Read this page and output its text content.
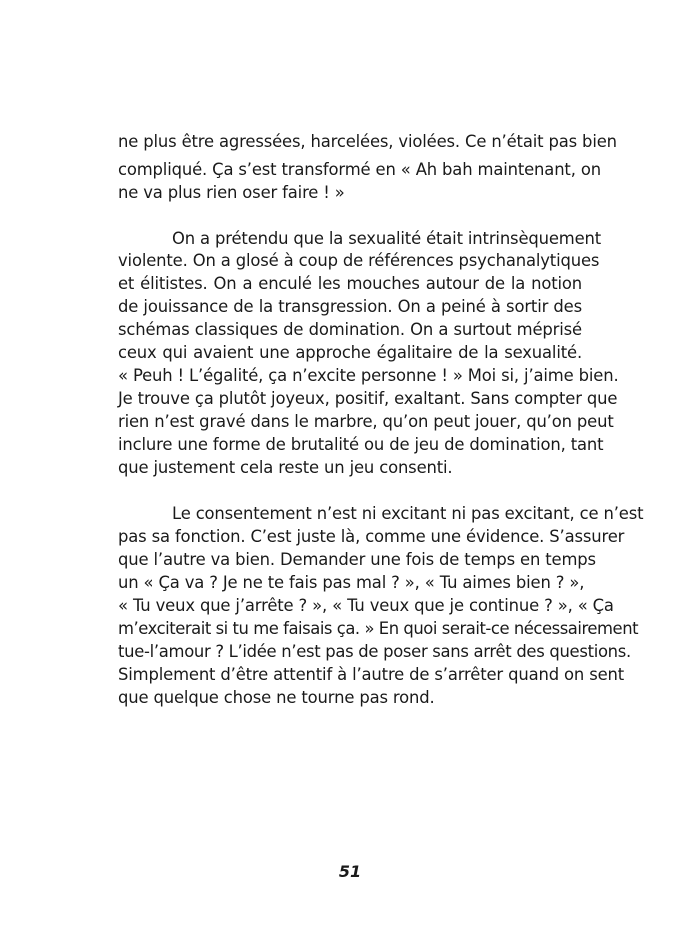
ne plus être agressées, harcelées, violées. Ce n’était pas bien
compliqué. Ça s’est transformé en « Ah bah maintenant, on
ne va plus rien oser faire ! »
On a prétendu que la sexualité était intrinsèquement
violente. On a glosé à coup de références psychanalytiques
et élitistes. On a enculé les mouches autour de la notion
de jouissance de la transgression. On a peiné à sortir des
schémas classiques de domination. On a surtout méprisé
ceux qui avaient une approche égalitaire de la sexualité.
« Peuh ! L’égalité, ça n’excite personne ! » Moi si, j’aime bien.
Je trouve ça plutôt joyeux, positif, exaltant. Sans compter que
rien n’est gravé dans le marbre, qu’on peut jouer, qu’on peut
inclure une forme de brutalité ou de jeu de domination, tant
que justement cela reste un jeu consenti.
Le consentement n’est ni excitant ni pas excitant, ce n’est
pas sa fonction. C’est juste là, comme une évidence. S’assurer
que l’autre va bien. Demander une fois de temps en temps
un « Ça va ? Je ne te fais pas mal ? », « Tu aimes bien ? »,
« Tu veux que j’arrête ? », « Tu veux que je continue ? », « Ça
m’exciterait si tu me faisais ça. » En quoi serait-ce nécessairement
tue-l’amour ? L’idée n’est pas de poser sans arrêt des questions.
Simplement d’être attentif à l’autre de s’arrêter quand on sent
que quelque chose ne tourne pas rond.
51
